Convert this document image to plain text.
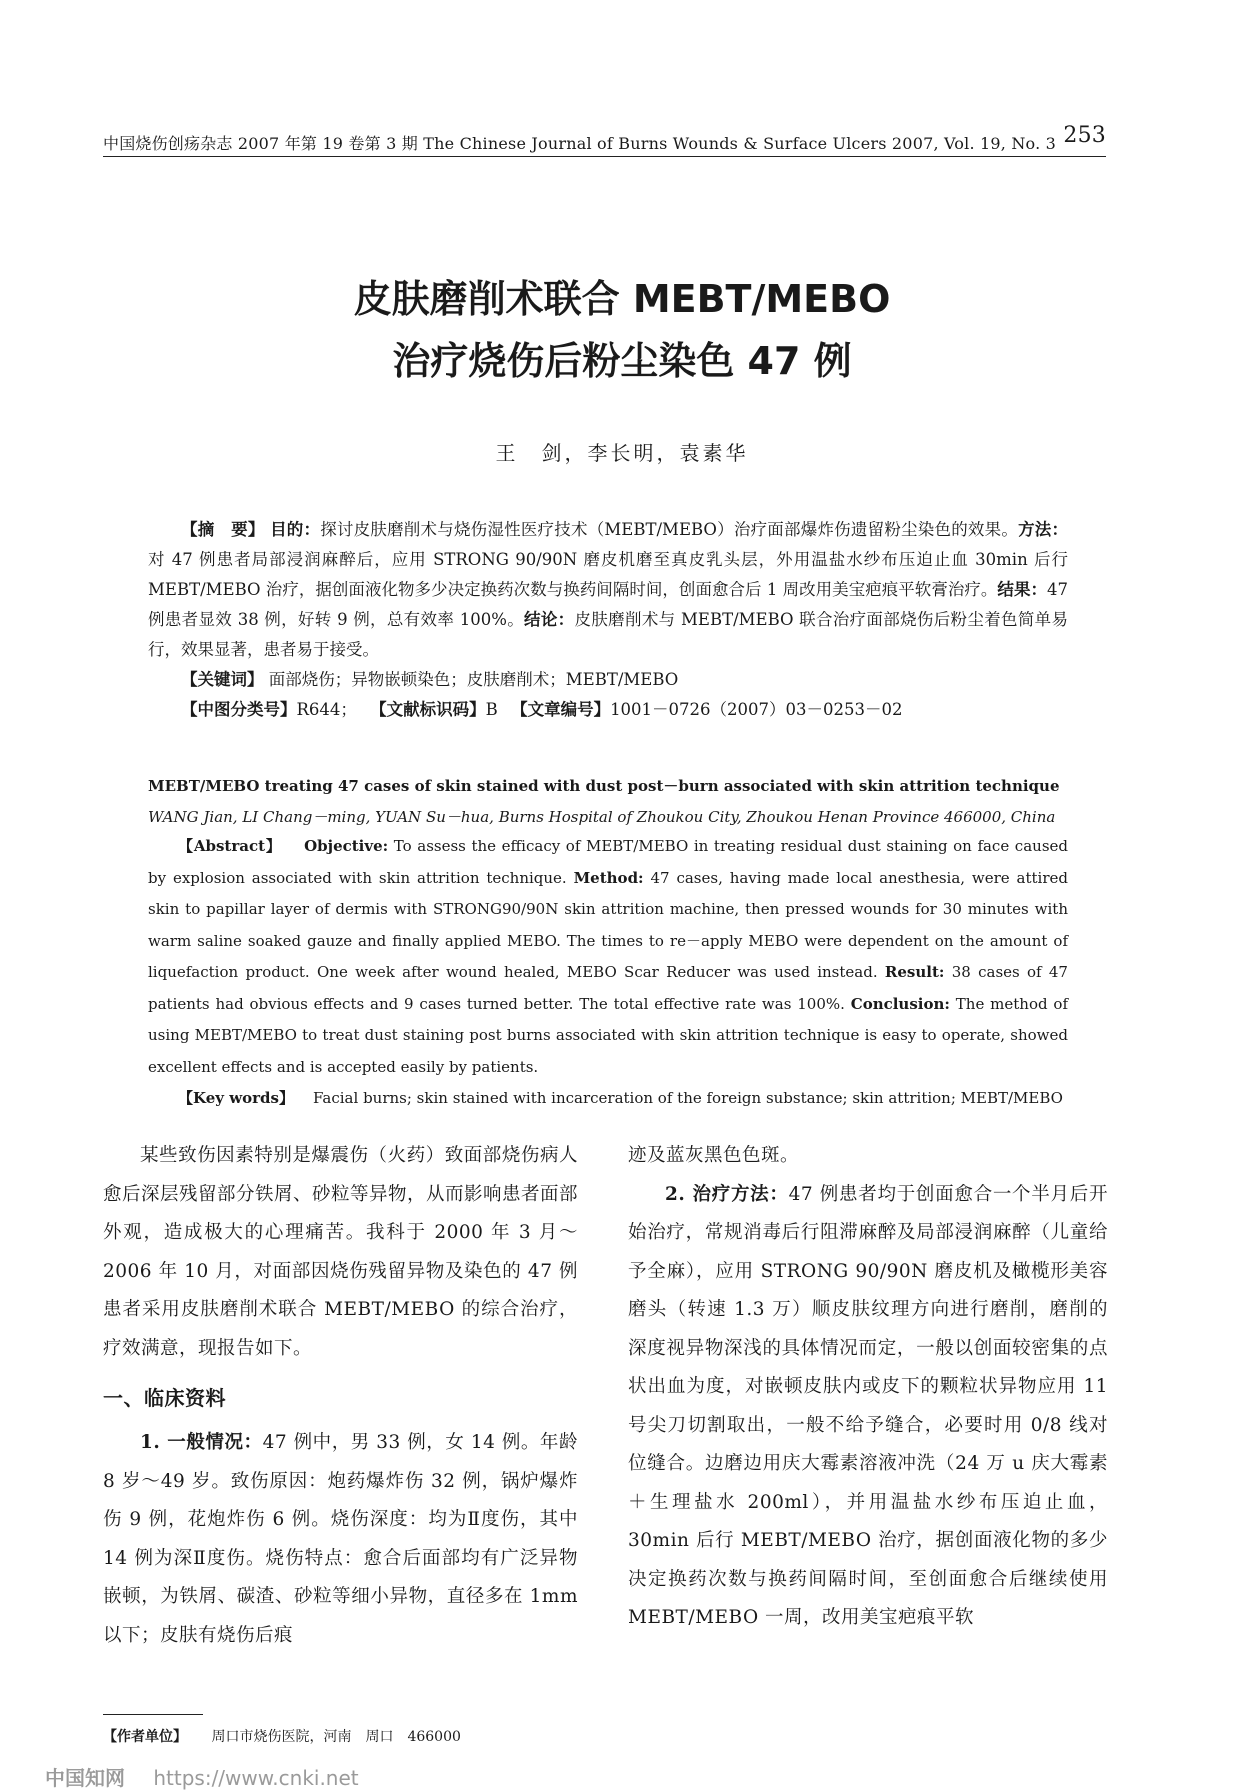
中国烧伤创疡杂志 2007 年第 19 卷第 3 期 The Chinese Journal of Burns Wounds & Surface Ulcers 2007, Vol. 19, No. 3 253
皮肤磨削术联合 MEBT/MEBO
治疗烧伤后粉尘染色 47 例
王　剑，李长明，袁素华

【摘　要】 目的：探讨皮肤磨削术与烧伤湿性医疗技术（MEBT/MEBO）治疗面部爆炸伤遗留粉尘染色的效果。方法：对 47 例患者局部浸润麻醉后，应用 STRONG 90/90N 磨皮机磨至真皮乳头层，外用温盐水纱布压迫止血 30min 后行 MEBT/MEBO 治疗，据创面液化物多少决定换药次数与换药间隔时间，创面愈合后 1 周改用美宝疤痕平软膏治疗。结果：47 例患者显效 38 例，好转 9 例，总有效率 100%。结论：皮肤磨削术与 MEBT/MEBO 联合治疗面部烧伤后粉尘着色简单易行，效果显著，患者易于接受。

【关键词】 面部烧伤；异物嵌顿染色；皮肤磨削术；MEBT/MEBO

【中图分类号】R644； 【文献标识码】B 【文章编号】1001－0726（2007）03－0253－02

MEBT/MEBO treating 47 cases of skin stained with dust post－burn associated with skin attrition technique WANG Jian, LI Chang－ming, YUAN Su－hua, Burns Hospital of Zhoukou City, Zhoukou Henan Province 466000, China

【Abstract】 Objective: To assess the efficacy of MEBT/MEBO in treating residual dust staining on face caused by explosion associated with skin attrition technique. Method: 47 cases, having made local anesthesia, were attired skin to papillar layer of dermis with STRONG90/90N skin attrition machine, then pressed wounds for 30 minutes with warm saline soaked gauze and finally applied MEBO. The times to re－apply MEBO were dependent on the amount of liquefaction product. One week after wound healed, MEBO Scar Reducer was used instead. Result: 38 cases of 47 patients had obvious effects and 9 cases turned better. The total effective rate was 100%. Conclusion: The method of using MEBT/MEBO to treat dust staining post burns associated with skin attrition technique is easy to operate, showed excellent effects and is accepted easily by patients.

【Key words】 Facial burns; skin stained with incarceration of the foreign substance; skin attrition; MEBT/MEBO

某些致伤因素特别是爆震伤（火药）致面部烧伤病人愈后深层残留部分铁屑、砂粒等异物，从而影响患者面部外观，造成极大的心理痛苦。我科于 2000 年 3 月～2006 年 10 月，对面部因烧伤残留异物及染色的 47 例患者采用皮肤磨削术联合 MEBT/MEBO 的综合治疗，疗效满意，现报告如下。

一、临床资料

1. 一般情况：47 例中，男 33 例，女 14 例。年龄 8 岁～49 岁。致伤原因：炮药爆炸伤 32 例，锅炉爆炸伤 9 例，花炮炸伤 6 例。烧伤深度：均为Ⅱ度伤，其中 14 例为深Ⅱ度伤。烧伤特点：愈合后面部均有广泛异物嵌顿，为铁屑、碳渣、砂粒等细小异物，直径多在 1mm 以下；皮肤有烧伤后痕

迹及蓝灰黑色色斑。

2. 治疗方法：47 例患者均于创面愈合一个半月后开始治疗，常规消毒后行阻滞麻醉及局部浸润麻醉（儿童给予全麻），应用 STRONG 90/90N 磨皮机及橄榄形美容磨头（转速 1.3 万）顺皮肤纹理方向进行磨削，磨削的深度视异物深浅的具体情况而定，一般以创面较密集的点状出血为度，对嵌顿皮肤内或皮下的颗粒状异物应用 11 号尖刀切割取出，一般不给予缝合，必要时用 0/8 线对位缝合。边磨边用庆大霉素溶液冲洗（24 万 u 庆大霉素＋生理盐水 200ml），并用温盐水纱布压迫止血，30min 后行 MEBT/MEBO 治疗，据创面液化物的多少决定换药次数与换药间隔时间，至创面愈合后继续使用 MEBT/MEBO 一周，改用美宝疤痕平软

【作者单位】 周口市烧伤医院，河南　周口　466000
中国知网 https://www.cnki.net
